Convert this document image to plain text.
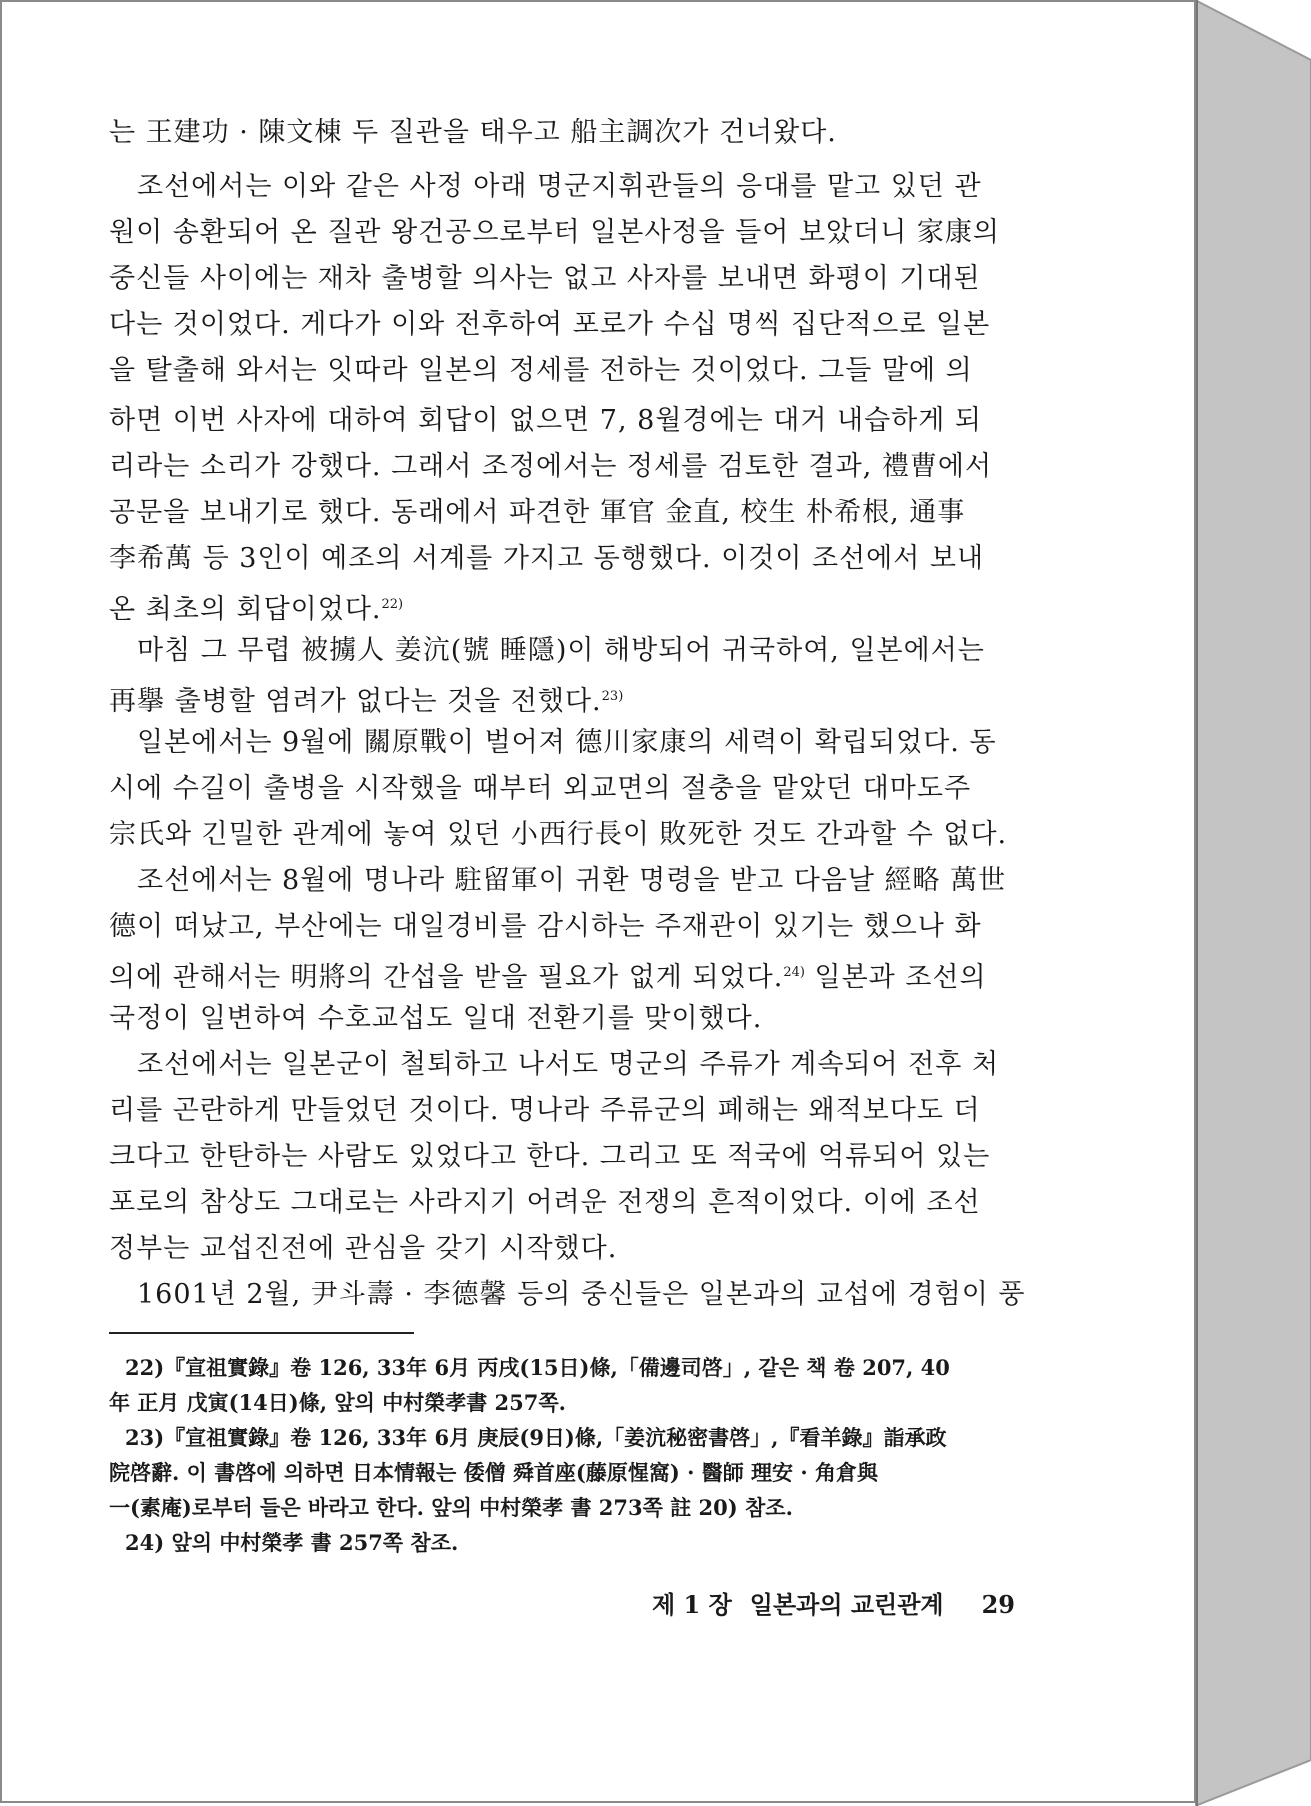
는 王建功 · 陳文棟 두 질관을 태우고 船主調次가 건너왔다.
조선에서는 이와 같은 사정 아래 명군지휘관들의 응대를 맡고 있던 관
원이 송환되어 온 질관 왕건공으로부터 일본사정을 들어 보았더니 家康의
중신들 사이에는 재차 출병할 의사는 없고 사자를 보내면 화평이 기대된
다는 것이었다. 게다가 이와 전후하여 포로가 수십 명씩 집단적으로 일본
을 탈출해 와서는 잇따라 일본의 정세를 전하는 것이었다. 그들 말에 의
하면 이번 사자에 대하여 회답이 없으면 7, 8월경에는 대거 내습하게 되
리라는 소리가 강했다. 그래서 조정에서는 정세를 검토한 결과, 禮曹에서
공문을 보내기로 했다. 동래에서 파견한 軍官 金直, 校生 朴希根, 通事
李希萬 등 3인이 예조의 서계를 가지고 동행했다. 이것이 조선에서 보내
온 최초의 회답이었다.$^{22)}$
마침 그 무렵 被擄人 姜沆(號 睡隱)이 해방되어 귀국하여, 일본에서는
再擧 출병할 염려가 없다는 것을 전했다.$^{23)}$
일본에서는 9월에 關原戰이 벌어져 德川家康의 세력이 확립되었다. 동
시에 수길이 출병을 시작했을 때부터 외교면의 절충을 맡았던 대마도주
宗氏와 긴밀한 관계에 놓여 있던 小西行長이 敗死한 것도 간과할 수 없다.
조선에서는 8월에 명나라 駐留軍이 귀환 명령을 받고 다음날 經略 萬世
德이 떠났고, 부산에는 대일경비를 감시하는 주재관이 있기는 했으나 화
의에 관해서는 明將의 간섭을 받을 필요가 없게 되었다.$^{24)}$ 일본과 조선의
국정이 일변하여 수호교섭도 일대 전환기를 맞이했다.
조선에서는 일본군이 철퇴하고 나서도 명군의 주류가 계속되어 전후 처
리를 곤란하게 만들었던 것이다. 명나라 주류군의 폐해는 왜적보다도 더
크다고 한탄하는 사람도 있었다고 한다. 그리고 또 적국에 억류되어 있는
포로의 참상도 그대로는 사라지기 어려운 전쟁의 흔적이었다. 이에 조선
정부는 교섭진전에 관심을 갖기 시작했다.
1601년 2월, 尹斗壽 · 李德馨 등의 중신들은 일본과의 교섭에 경험이 풍
22)『宣祖實錄』卷 126, 33年 6月 丙戌(15日)條,「備邊司啓」, 같은 책 卷 207, 40
年 正月 戊寅(14日)條, 앞의 中村榮孝書 257쪽.
23)『宣祖實錄』卷 126, 33年 6月 庚辰(9日)條,「姜沆秘密書啓」,『看羊錄』詣承政
院啓辭. 이 書啓에 의하면 日本情報는 倭僧 舜首座(藤原惺窩) · 醫師 理安 · 角倉與
一(素庵)로부터 들은 바라고 한다. 앞의 中村榮孝 書 273쪽 註 20) 참조.
24) 앞의 中村榮孝 書 257쪽 참조.
제 1 장 일본과의 교린관계 29
